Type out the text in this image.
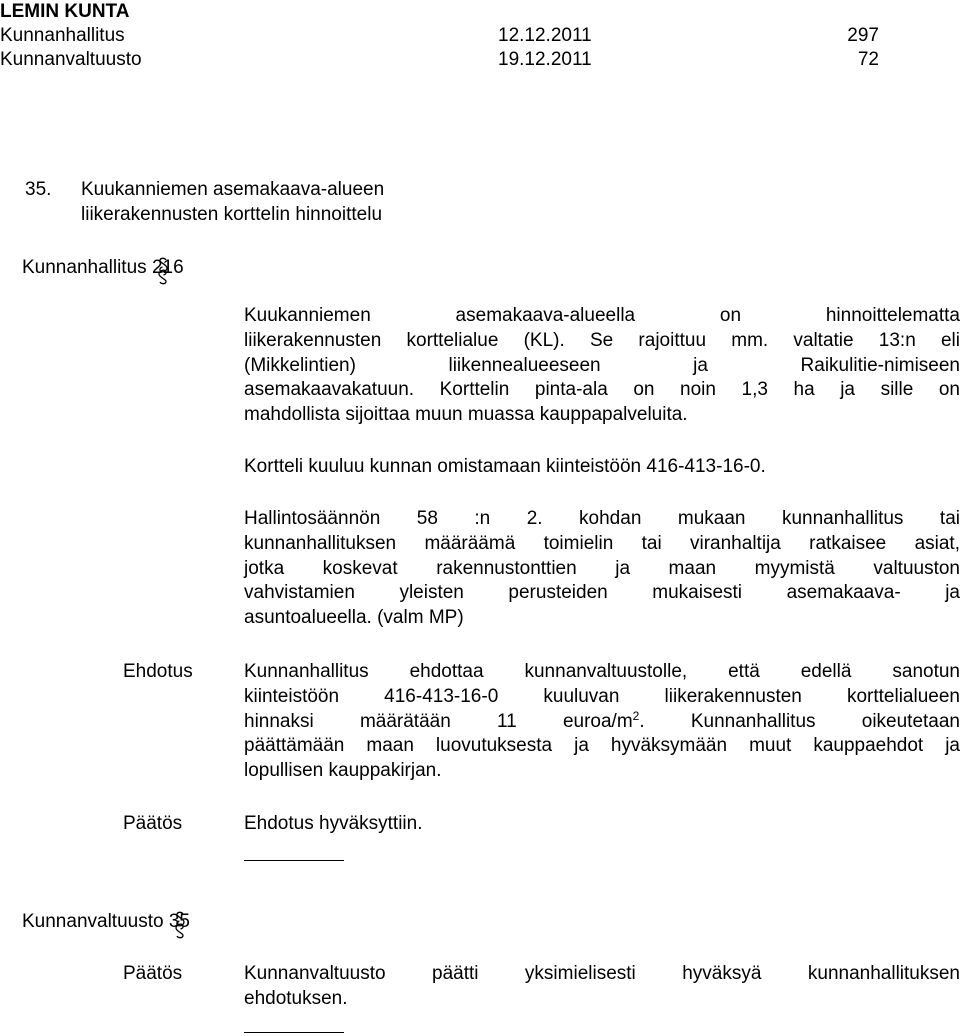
LEMIN KUNTA
Kunnanhallitus	12.12.2011	297
Kunnanvaltuusto	19.12.2011	72
35. Kuukanniemen asemakaava-alueen
liikerakennusten korttelin hinnoittelu
Kunnanhallitus 216
Kuukanniemen asemakaava-alueella on hinnoittelematta
liikerakennusten korttelialue (KL). Se rajoittuu mm. valtatie 13:n eli
(Mikkelintien) liikennealueeseen ja Raikulitie-nimiseen
asemakaavakatuun. Korttelin pinta-ala on noin 1,3 ha ja sille on
mahdollista sijoittaa muun muassa kauppapalveluita.
Kortteli kuuluu kunnan omistamaan kiinteistöön 416-413-16-0.
Hallintosäännön 58 :n 2. kohdan mukaan kunnanhallitus tai
kunnanhallituksen määräämä toimielin tai viranhaltija ratkaisee asiat,
jotka koskevat rakennustonttien ja maan myymistä valtuuston
vahvistamien yleisten perusteiden mukaisesti asemakaava- ja
asuntoalueella. (valm MP)
Ehdotus	Kunnanhallitus ehdottaa kunnanvaltuustolle, että edellä sanotun
kiinteistöön 416-413-16-0 kuuluvan liikerakennusten korttelialueen
hinnaksi määrätään 11 euroa/$m^2$. Kunnanhallitus oikeutetaan
päättämään maan luovutuksesta ja hyväksymään muut kauppaehdot ja
lopullisen kauppakirjan.
Päätös	Ehdotus hyväksyttiin.
Kunnanvaltuusto 35
Päätös	Kunnanvaltuusto päätti yksimielisesti hyväksyä kunnanhallituksen
ehdotuksen.
